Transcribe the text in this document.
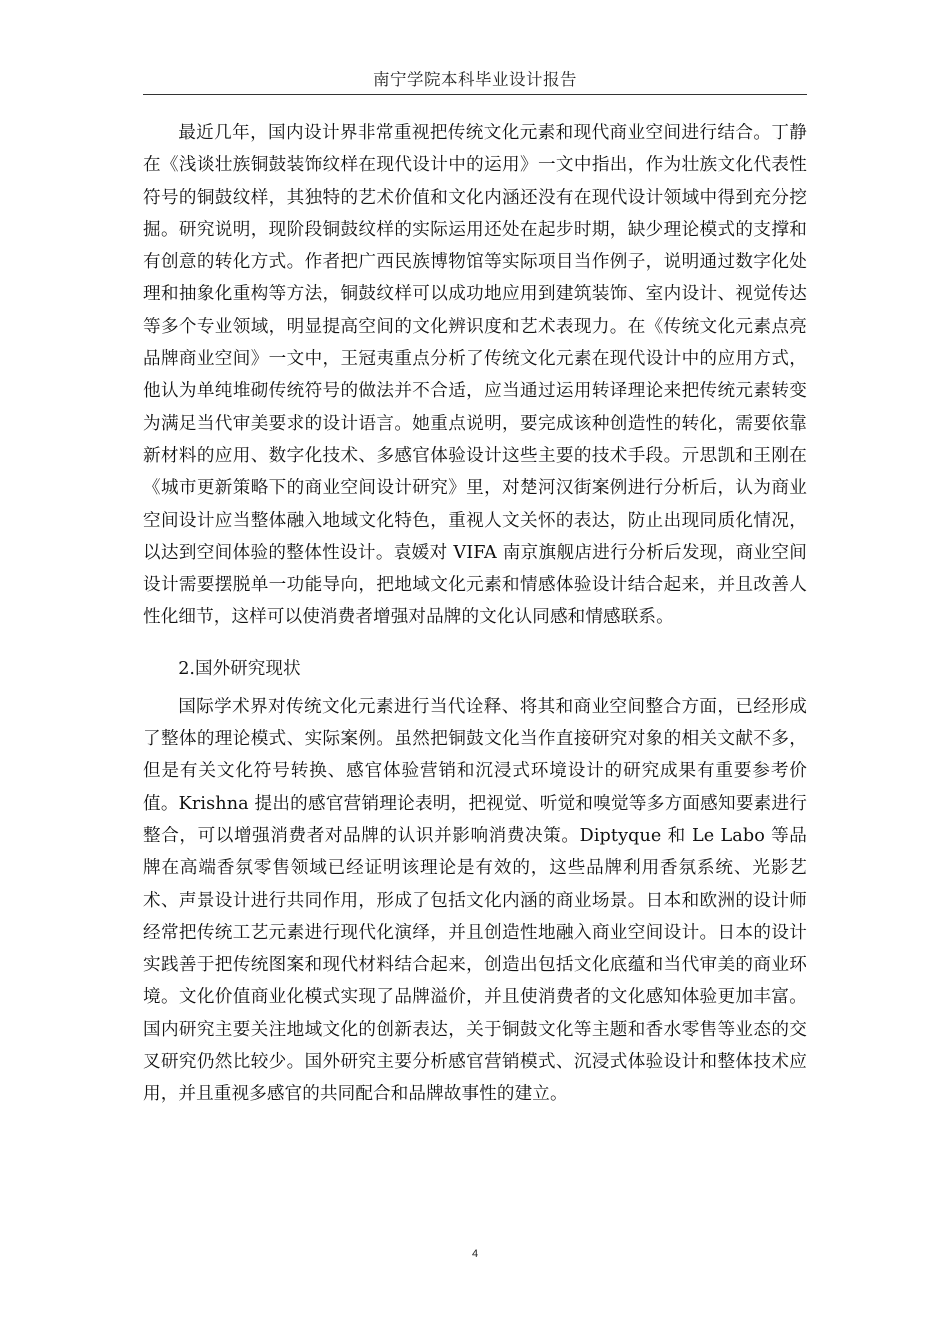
南宁学院本科毕业设计报告

最近几年，国内设计界非常重视把传统文化元素和现代商业空间进行结合。丁静在《浅谈壮族铜鼓装饰纹样在现代设计中的运用》一文中指出，作为壮族文化代表性符号的铜鼓纹样，其独特的艺术价值和文化内涵还没有在现代设计领域中得到充分挖掘。研究说明，现阶段铜鼓纹样的实际运用还处在起步时期，缺少理论模式的支撑和有创意的转化方式。作者把广西民族博物馆等实际项目当作例子，说明通过数字化处理和抽象化重构等方法，铜鼓纹样可以成功地应用到建筑装饰、室内设计、视觉传达等多个专业领域，明显提高空间的文化辨识度和艺术表现力。在《传统文化元素点亮品牌商业空间》一文中，王冠夷重点分析了传统文化元素在现代设计中的应用方式，他认为单纯堆砌传统符号的做法并不合适，应当通过运用转译理论来把传统元素转变为满足当代审美要求的设计语言。她重点说明，要完成该种创造性的转化，需要依靠新材料的应用、数字化技术、多感官体验设计这些主要的技术手段。亓思凯和王刚在《城市更新策略下的商业空间设计研究》里，对楚河汉街案例进行分析后，认为商业空间设计应当整体融入地域文化特色，重视人文关怀的表达，防止出现同质化情况，以达到空间体验的整体性设计。袁媛对 VIFA 南京旗舰店进行分析后发现，商业空间设计需要摆脱单一功能导向，把地域文化元素和情感体验设计结合起来，并且改善人性化细节，这样可以使消费者增强对品牌的文化认同感和情感联系。

2.国外研究现状

国际学术界对传统文化元素进行当代诠释、将其和商业空间整合方面，已经形成了整体的理论模式、实际案例。虽然把铜鼓文化当作直接研究对象的相关文献不多，但是有关文化符号转换、感官体验营销和沉浸式环境设计的研究成果有重要参考价值。Krishna 提出的感官营销理论表明，把视觉、听觉和嗅觉等多方面感知要素进行整合，可以增强消费者对品牌的认识并影响消费决策。Diptyque 和 Le Labo 等品牌在高端香氛零售领域已经证明该理论是有效的，这些品牌利用香氛系统、光影艺术、声景设计进行共同作用，形成了包括文化内涵的商业场景。日本和欧洲的设计师经常把传统工艺元素进行现代化演绎，并且创造性地融入商业空间设计。日本的设计实践善于把传统图案和现代材料结合起来，创造出包括文化底蕴和当代审美的商业环境。文化价值商业化模式实现了品牌溢价，并且使消费者的文化感知体验更加丰富。国内研究主要关注地域文化的创新表达，关于铜鼓文化等主题和香水零售等业态的交叉研究仍然比较少。国外研究主要分析感官营销模式、沉浸式体验设计和整体技术应用，并且重视多感官的共同配合和品牌故事性的建立。

4
